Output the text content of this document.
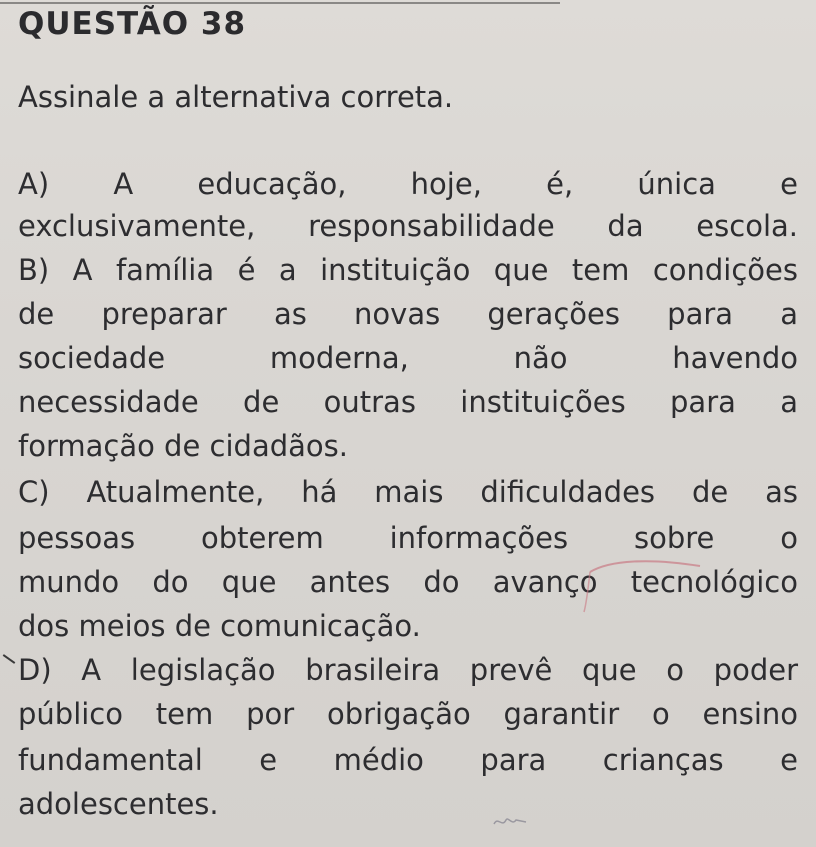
QUESTÃO 38
Assinale a alternativa correta.
A) A educação, hoje, é, única e
exclusivamente, responsabilidade da escola.
B) A família é a instituição que tem condições
de preparar as novas gerações para a
sociedade moderna, não havendo
necessidade de outras instituições para a
formação de cidadãos.
C) Atualmente, há mais dificuldades de as
pessoas obterem informações sobre o
mundo do que antes do avanço tecnológico
dos meios de comunicação.
D) A legislação brasileira prevê que o poder
público tem por obrigação garantir o ensino
fundamental e médio para crianças e
adolescentes.
